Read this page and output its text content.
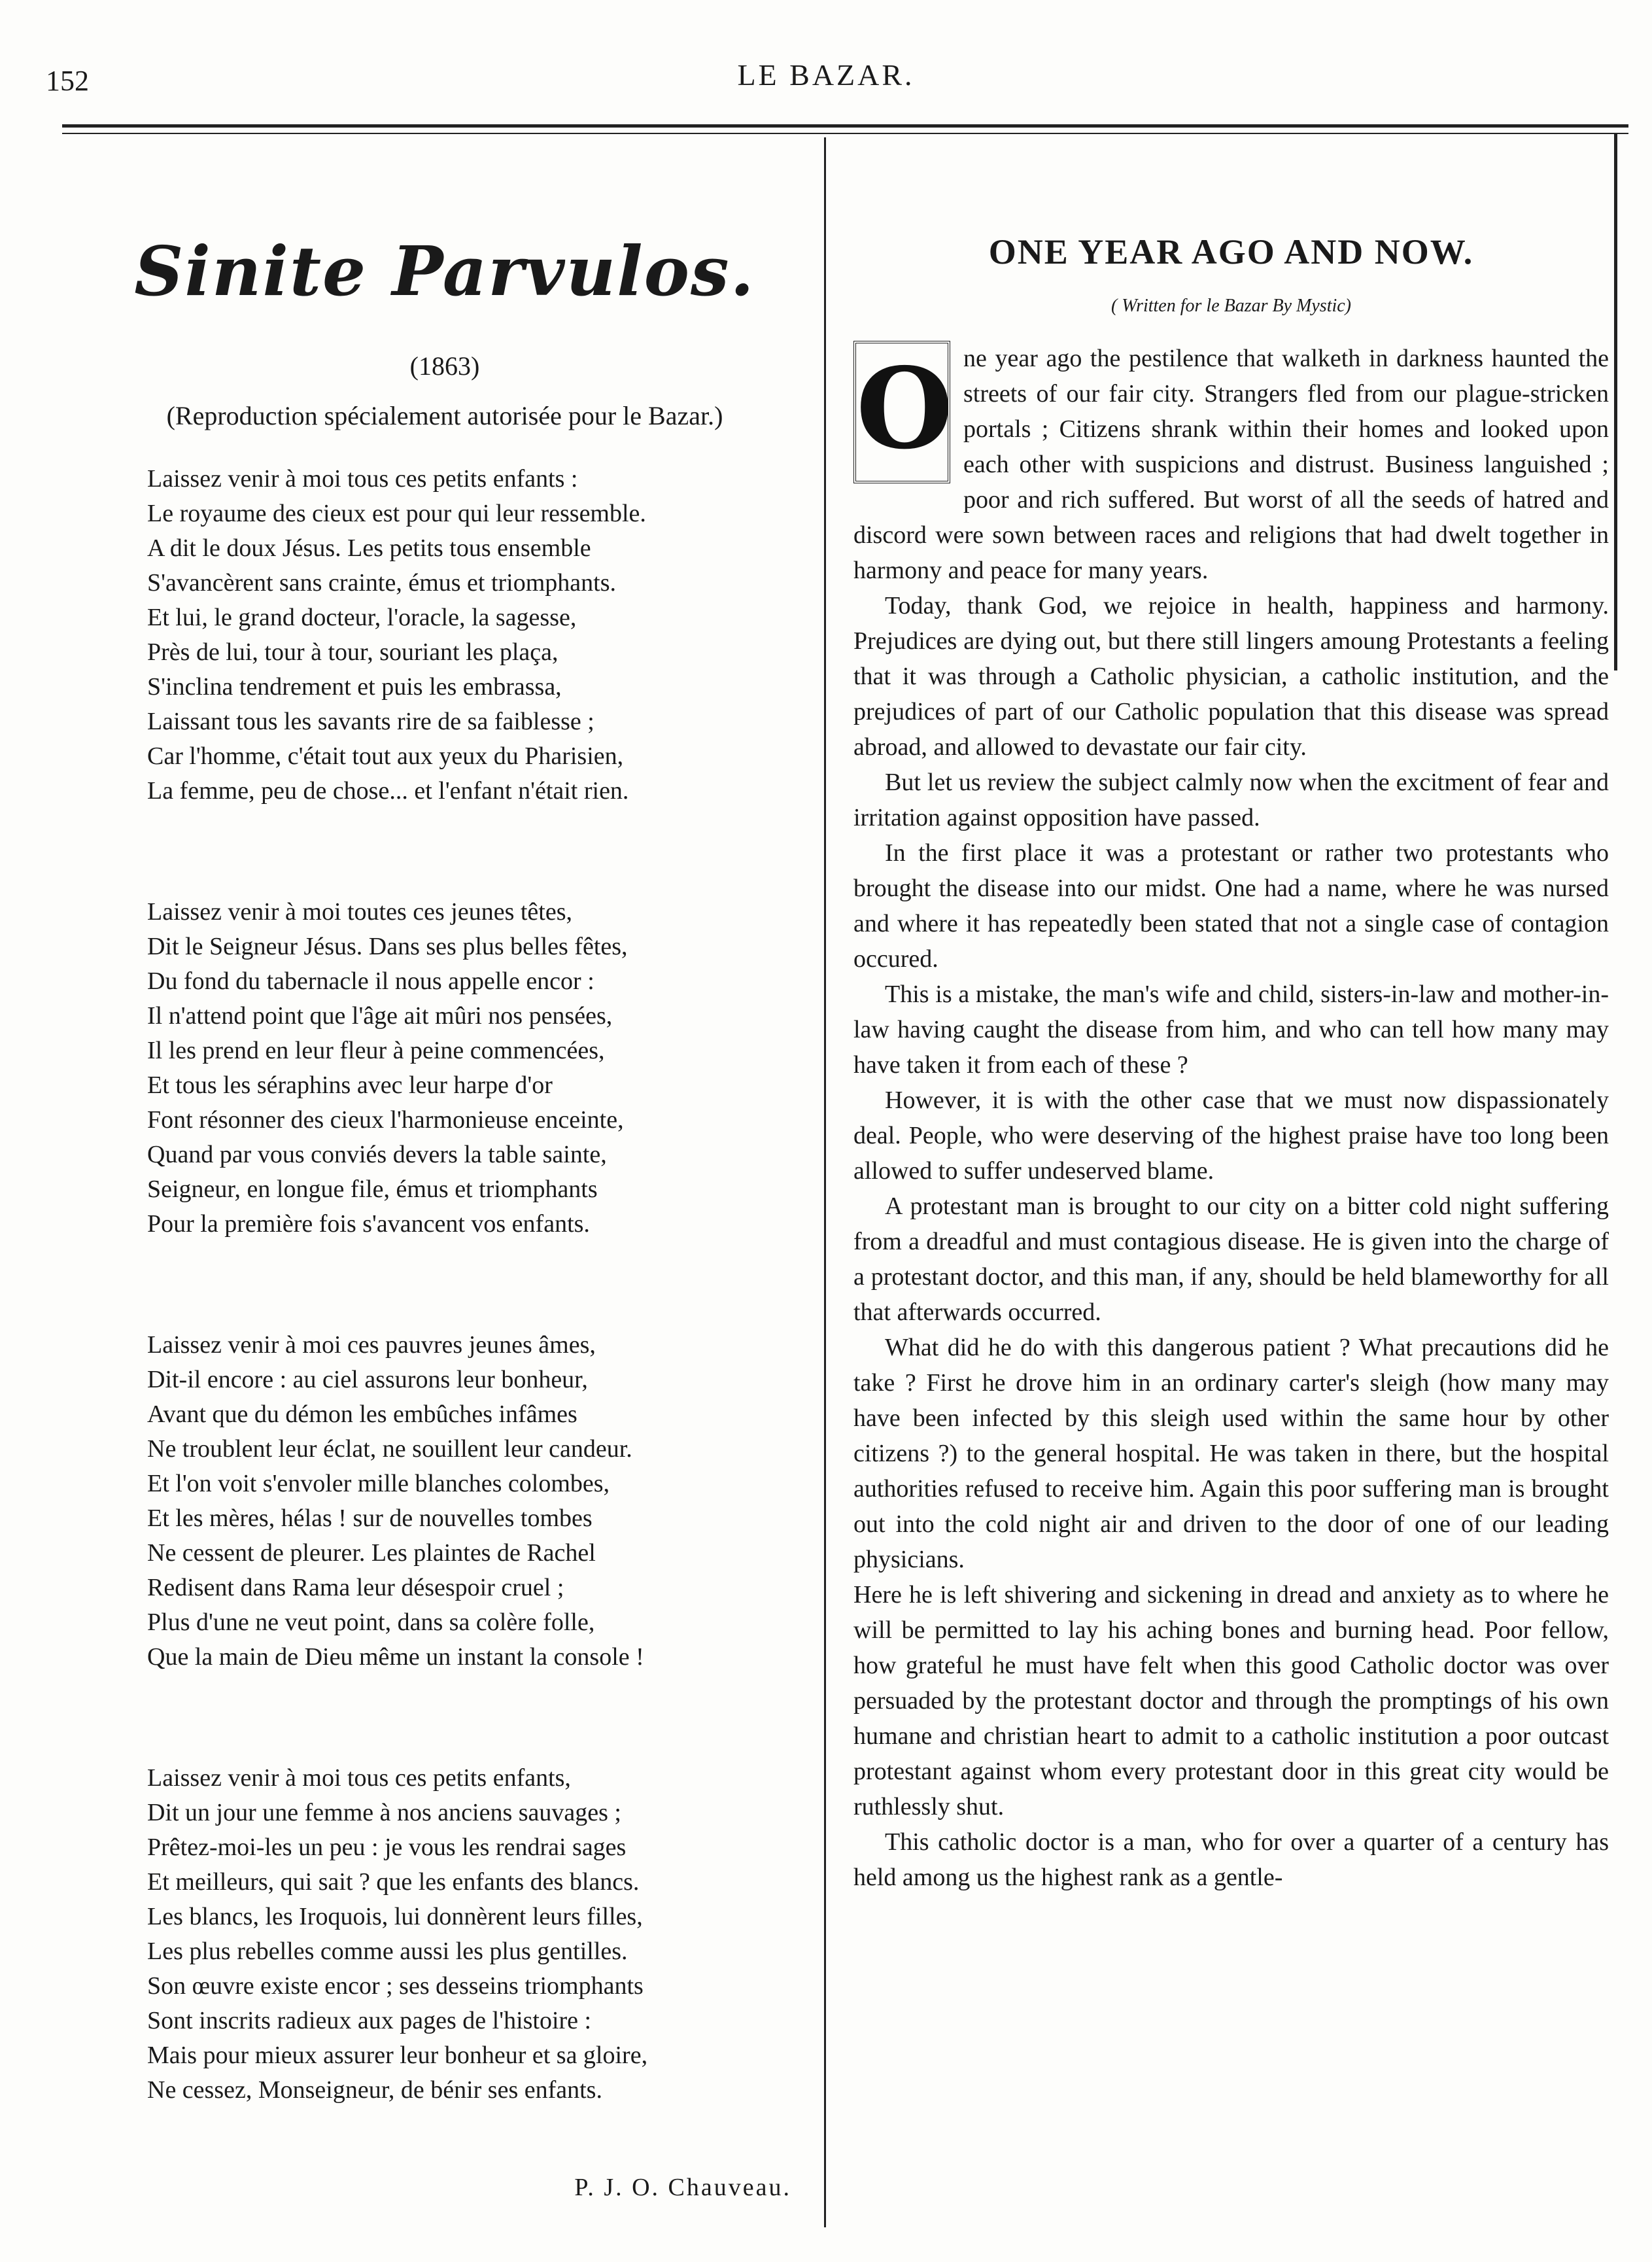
152	LE BAZAR.
Sinite Parvulos.
(1863)
(Reproduction spécialement autorisée pour le Bazar.)
Laissez venir à moi tous ces petits enfants :
Le royaume des cieux est pour qui leur ressemble.
A dit le doux Jésus. Les petits tous ensemble
S'avancèrent sans crainte, émus et triomphants.
Et lui, le grand docteur, l'oracle, la sagesse,
Près de lui, tour à tour, souriant les plaça,
S'inclina tendrement et puis les embrassa,
Laissant tous les savants rire de sa faiblesse ;
Car l'homme, c'était tout aux yeux du Pharisien,
La femme, peu de chose... et l'enfant n'était rien.
Laissez venir à moi toutes ces jeunes têtes,
Dit le Seigneur Jésus. Dans ses plus belles fêtes,
Du fond du tabernacle il nous appelle encor :
Il n'attend point que l'âge ait mûri nos pensées,
Il les prend en leur fleur à peine commencées,
Et tous les séraphins avec leur harpe d'or
Font résonner des cieux l'harmonieuse enceinte,
Quand par vous conviés devers la table sainte,
Seigneur, en longue file, émus et triomphants
Pour la première fois s'avancent vos enfants.
Laissez venir à moi ces pauvres jeunes âmes,
Dit-il encore : au ciel assurons leur bonheur,
Avant que du démon les embûches infâmes
Ne troublent leur éclat, ne souillent leur candeur.
Et l'on voit s'envoler mille blanches colombes,
Et les mères, hélas ! sur de nouvelles tombes
Ne cessent de pleurer. Les plaintes de Rachel
Redisent dans Rama leur désespoir cruel ;
Plus d'une ne veut point, dans sa colère folle,
Que la main de Dieu même un instant la console !
Laissez venir à moi tous ces petits enfants,
Dit un jour une femme à nos anciens sauvages ;
Prêtez-moi-les un peu : je vous les rendrai sages
Et meilleurs, qui sait ? que les enfants des blancs.
Les blancs, les Iroquois, lui donnèrent leurs filles,
Les plus rebelles comme aussi les plus gentilles.
Son œuvre existe encor ; ses desseins triomphants
Sont inscrits radieux aux pages de l'histoire :
Mais pour mieux assurer leur bonheur et sa gloire,
Ne cessez, Monseigneur, de bénir ses enfants.
P. J. O. Chauveau.
ONE YEAR AGO AND NOW.
( Written for le Bazar By Mystic)

O ne year ago the pestilence that walketh in darkness haunted the streets of our fair city. Strangers fled from our plague-stricken portals ; Citizens shrank within their homes and looked upon each other with suspicions and distrust. Business languished ; poor and rich suffered. But worst of all the seeds of hatred and discord were sown between races and religions that had dwelt together in harmony and peace for many years.

Today, thank God, we rejoice in health, happiness and harmony. Prejudices are dying out, but there still lingers amoung Protestants a feeling that it was through a Catholic physician, a catholic institution, and the prejudices of part of our Catholic population that this disease was spread abroad, and allowed to devastate our fair city.

But let us review the subject calmly now when the excitment of fear and irritation against opposition have passed.

In the first place it was a protestant or rather two protestants who brought the disease into our midst. One had a name, where he was nursed and where it has repeatedly been stated that not a single case of contagion occured.

This is a mistake, the man's wife and child, sisters-in-law and mother-in-law having caught the disease from him, and who can tell how many may have taken it from each of these ?

However, it is with the other case that we must now dispassionately deal. People, who were deserving of the highest praise have too long been allowed to suffer undeserved blame.

A protestant man is brought to our city on a bitter cold night suffering from a dreadful and must contagious disease. He is given into the charge of a protestant doctor, and this man, if any, should be held blameworthy for all that afterwards occurred.

What did he do with this dangerous patient ? What precautions did he take ? First he drove him in an ordinary carter's sleigh (how many may have been infected by this sleigh used within the same hour by other citizens ?) to the general hospital. He was taken in there, but the hospital authorities refused to receive him. Again this poor suffering man is brought out into the cold night air and driven to the door of one of our leading physicians.

Here he is left shivering and sickening in dread and anxiety as to where he will be permitted to lay his aching bones and burning head. Poor fellow, how grateful he must have felt when this good Catholic doctor was over persuaded by the protestant doctor and through the promptings of his own humane and christian heart to admit to a catholic institution a poor outcast protestant against whom every protestant door in this great city would be ruthlessly shut.

This catholic doctor is a man, who for over a quarter of a century has held among us the highest rank as a gentle-
